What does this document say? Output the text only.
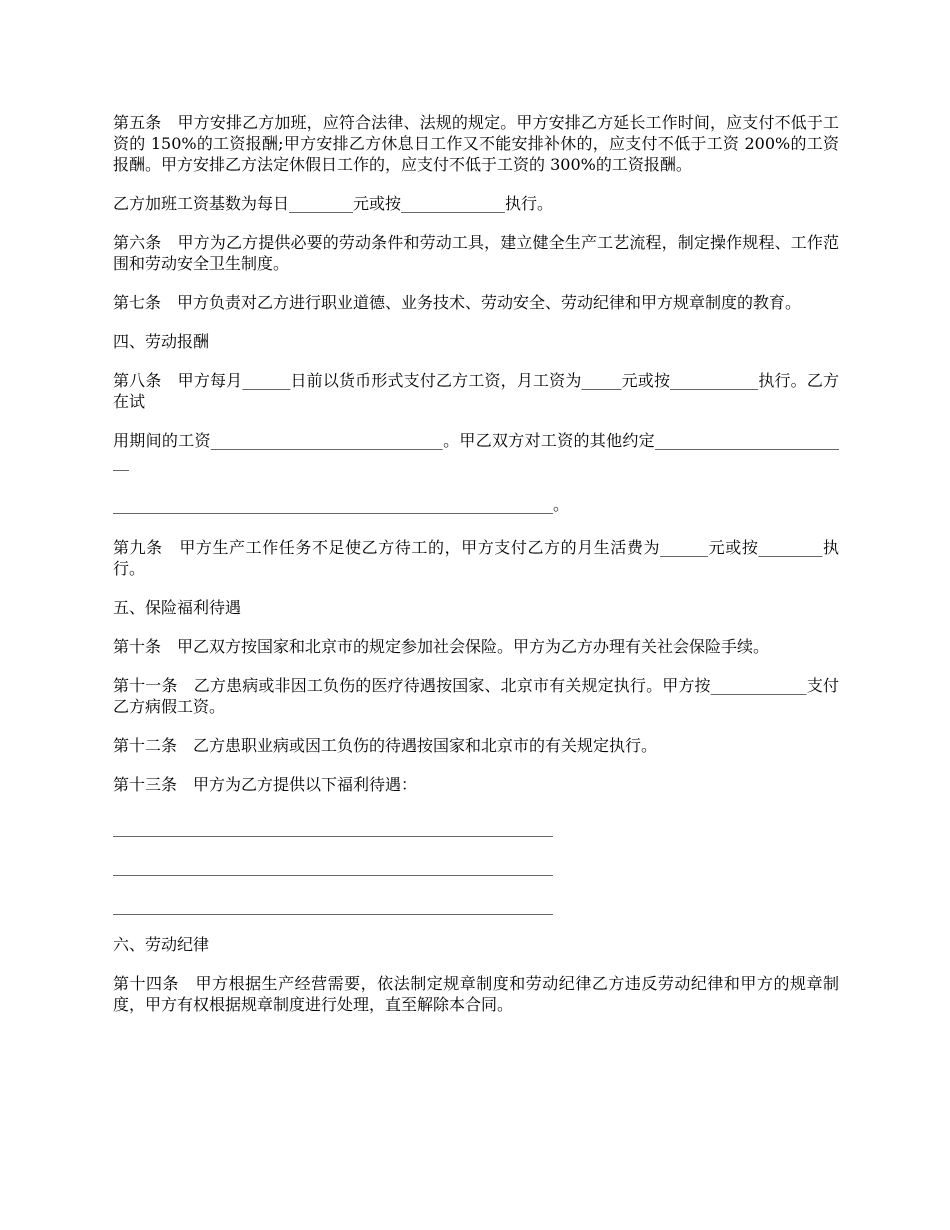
第五条　甲方安排乙方加班，应符合法律、法规的规定。甲方安排乙方延长工作时间，应支付不低于工资的 150%的工资报酬;甲方安排乙方休息日工作又不能安排补休的，应支付不低于工资 200%的工资报酬。甲方安排乙方法定休假日工作的，应支付不低于工资的 300%的工资报酬。

乙方加班工资基数为每日________元或按_____________执行。

第六条　甲方为乙方提供必要的劳动条件和劳动工具，建立健全生产工艺流程，制定操作规程、工作范围和劳动安全卫生制度。

第七条　甲方负责对乙方进行职业道德、业务技术、劳动安全、劳动纪律和甲方规章制度的教育。

四、劳动报酬

第八条　甲方每月______日前以货币形式支付乙方工资，月工资为_____元或按___________执行。乙方在试

用期间的工资_____________________________。甲乙双方对工资的其他约定_________________________

_______________________________________________________。

第九条　甲方生产工作任务不足使乙方待工的，甲方支付乙方的月生活费为______元或按________执行。

五、保险福利待遇

第十条　甲乙双方按国家和北京市的规定参加社会保险。甲方为乙方办理有关社会保险手续。

第十一条　乙方患病或非因工负伤的医疗待遇按国家、北京市有关规定执行。甲方按____________支付乙方病假工资。

第十二条　乙方患职业病或因工负伤的待遇按国家和北京市的有关规定执行。

第十三条　甲方为乙方提供以下福利待遇：

_______________________________________________________

_______________________________________________________

_______________________________________________________

六、劳动纪律

第十四条　甲方根据生产经营需要，依法制定规章制度和劳动纪律乙方违反劳动纪律和甲方的规章制度，甲方有权根据规章制度进行处理，直至解除本合同。
